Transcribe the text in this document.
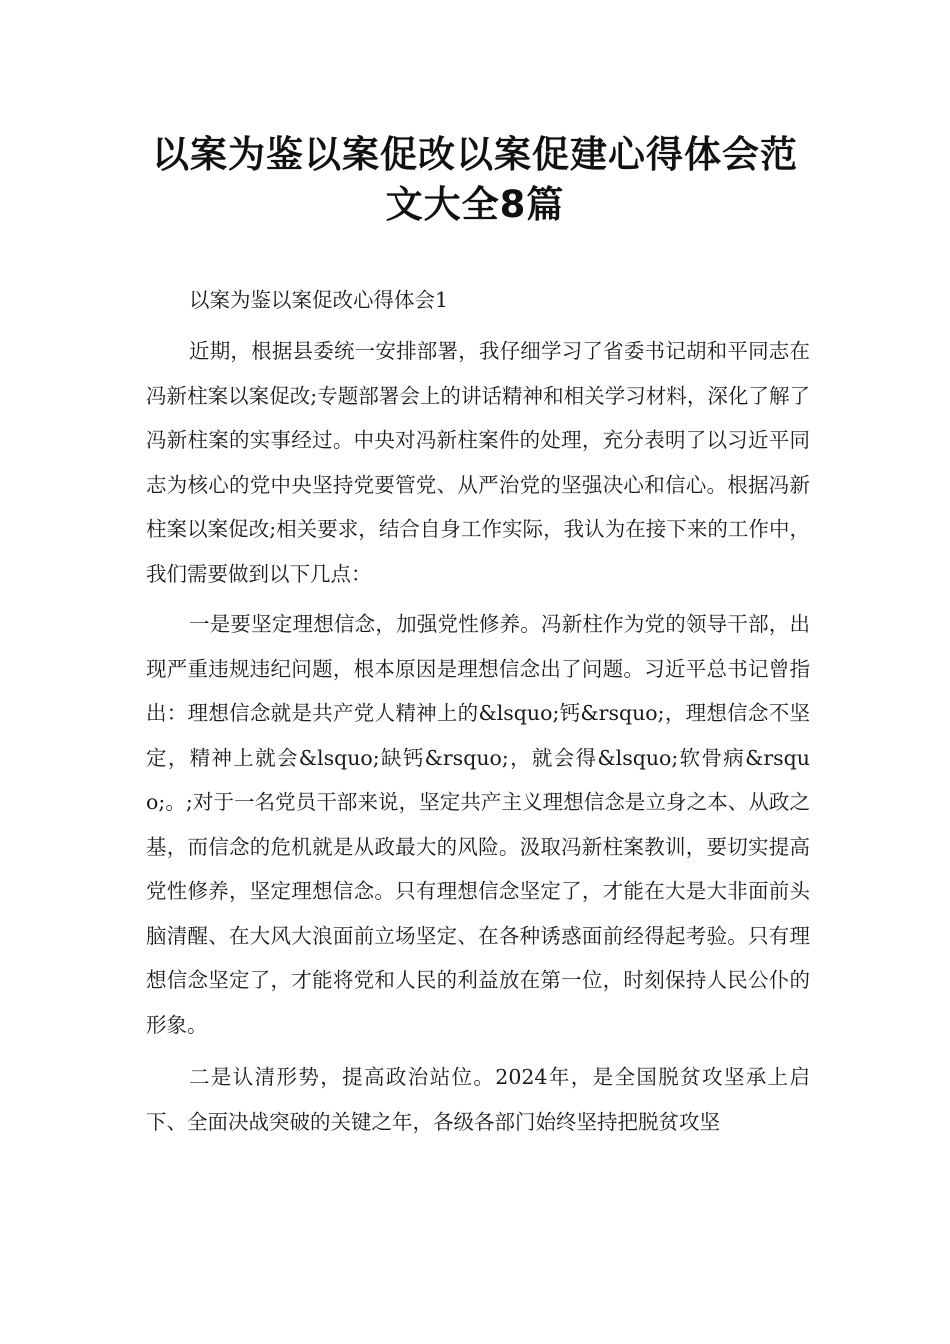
以案为鉴以案促改以案促建心得体会范
文大全8篇

以案为鉴以案促改心得体会1

近期，根据县委统一安排部署，我仔细学习了省委书记胡和平同志在冯新柱案以案促改;专题部署会上的讲话精神和相关学习材料，深化了解了冯新柱案的实事经过。中央对冯新柱案件的处理，充分表明了以习近平同志为核心的党中央坚持党要管党、从严治党的坚强决心和信心。根据冯新柱案以案促改;相关要求，结合自身工作实际，我认为在接下来的工作中，我们需要做到以下几点：

一是要坚定理想信念，加强党性修养。冯新柱作为党的领导干部，出现严重违规违纪问题，根本原因是理想信念出了问题。习近平总书记曾指出：理想信念就是共产党人精神上的&lsquo;钙&rsquo;，理想信念不坚定，精神上就会&lsquo;缺钙&rsquo;，就会得&lsquo;软骨病&rsquo;。;对于一名党员干部来说，坚定共产主义理想信念是立身之本、从政之基，而信念的危机就是从政最大的风险。汲取冯新柱案教训，要切实提高党性修养，坚定理想信念。只有理想信念坚定了，才能在大是大非面前头脑清醒、在大风大浪面前立场坚定、在各种诱惑面前经得起考验。只有理想信念坚定了，才能将党和人民的利益放在第一位，时刻保持人民公仆的形象。

二是认清形势，提高政治站位。2024年，是全国脱贫攻坚承上启下、全面决战突破的关键之年，各级各部门始终坚持把脱贫攻坚
